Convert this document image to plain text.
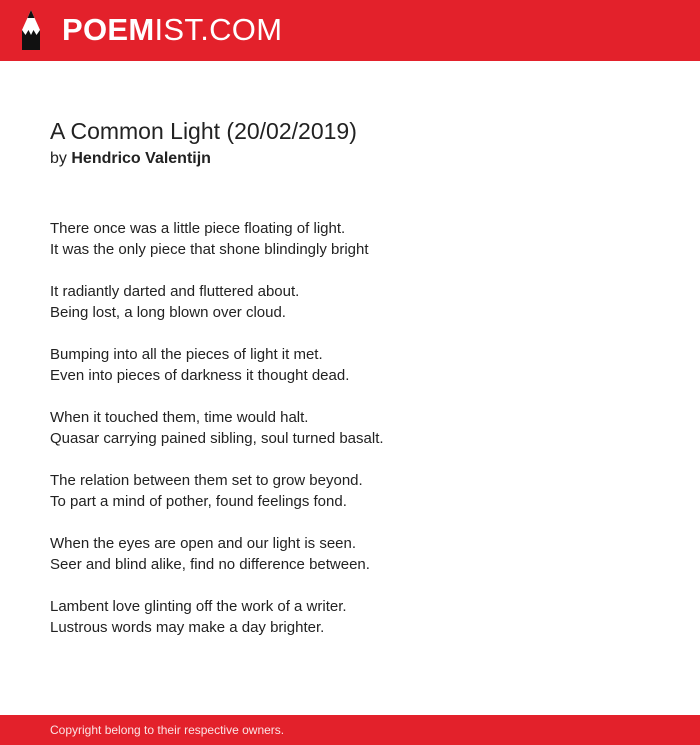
POEMIST.COM
A Common Light (20/02/2019)
by Hendrico Valentijn
There once was a little piece floating of light.
It was the only piece that shone blindingly bright
It radiantly darted and fluttered about.
Being lost, a long blown over cloud.
Bumping into all the pieces of light it met.
Even into pieces of darkness it thought dead.
When it touched them, time would halt.
Quasar carrying pained sibling, soul turned basalt.
The relation between them set to grow beyond.
To part a mind of pother, found feelings fond.
When the eyes are open and our light is seen.
Seer and blind alike, find no difference between.
Lambent love glinting off the work of a writer.
Lustrous words may make a day brighter.
Copyright belong to their respective owners.
